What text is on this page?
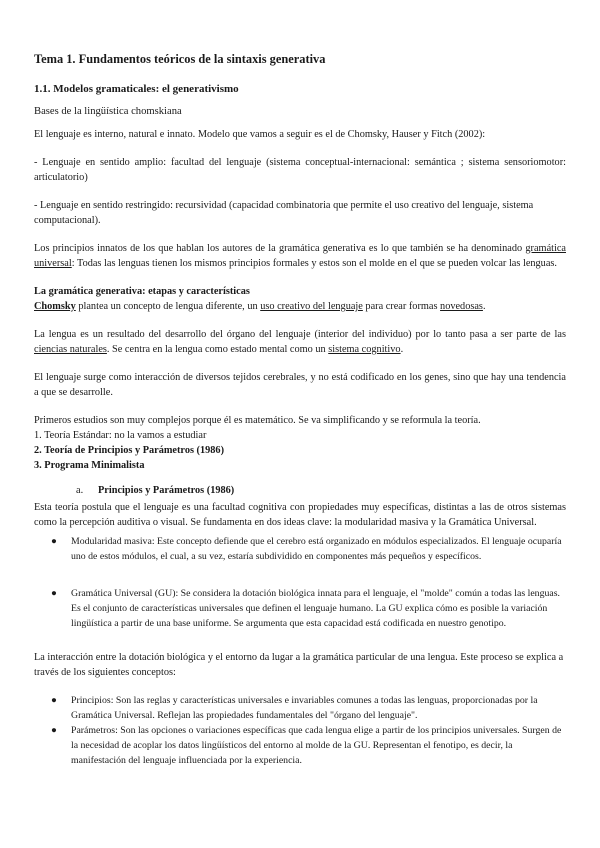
Tema 1. Fundamentos teóricos de la sintaxis generativa
1.1. Modelos gramaticales: el generativismo
Bases de la lingüística chomskiana

El lenguaje es interno, natural e innato. Modelo que vamos a seguir es el de Chomsky, Hauser y Fitch (2002):

- Lenguaje en sentido amplio: facultad del lenguaje (sistema conceptual-internacional: semántica ; sistema sensoriomotor: articulatorio)

- Lenguaje en sentido restringido: recursividad (capacidad combinatoria que permite el uso creativo del lenguaje, sistema computacional).

Los principios innatos de los que hablan los autores de la gramática generativa es lo que también se ha denominado gramática universal: Todas las lenguas tienen los mismos principios formales y estos son el molde en el que se pueden volcar las lenguas.

La gramática generativa: etapas y características

Chomsky plantea un concepto de lengua diferente, un uso creativo del lenguaje para crear formas novedosas.

La lengua es un resultado del desarrollo del órgano del lenguaje (interior del individuo) por lo tanto pasa a ser parte de las ciencias naturales. Se centra en la lengua como estado mental como un sistema cognitivo.

El lenguaje surge como interacción de diversos tejidos cerebrales, y no está codificado en los genes, sino que hay una tendencia a que se desarrolle.

Primeros estudios son muy complejos porque él es matemático. Se va simplificando y se reformula la teoría.

1. Teoría Estándar: no la vamos a estudiar

2. Teoría de Principios y Parámetros (1986)

3. Programa Minimalista

a. Principios y Parámetros (1986)

Esta teoría postula que el lenguaje es una facultad cognitiva con propiedades muy específicas, distintas a las de otros sistemas como la percepción auditiva o visual. Se fundamenta en dos ideas clave: la modularidad masiva y la Gramática Universal.

● Modularidad masiva: Este concepto defiende que el cerebro está organizado en módulos especializados. El lenguaje ocuparía uno de estos módulos, el cual, a su vez, estaría subdividido en componentes más pequeños y específicos.
● Gramática Universal (GU): Se considera la dotación biológica innata para el lenguaje, el "molde" común a todas las lenguas. Es el conjunto de características universales que definen el lenguaje humano. La GU explica cómo es posible la variación lingüística a partir de una base uniforme. Se argumenta que esta capacidad está codificada en nuestro genotipo.

La interacción entre la dotación biológica y el entorno da lugar a la gramática particular de una lengua. Este proceso se explica a través de los siguientes conceptos:

● Principios: Son las reglas y características universales e invariables comunes a todas las lenguas, proporcionadas por la Gramática Universal. Reflejan las propiedades fundamentales del "órgano del lenguaje".
● Parámetros: Son las opciones o variaciones específicas que cada lengua elige a partir de los principios universales. Surgen de la necesidad de acoplar los datos lingüísticos del entorno al molde de la GU. Representan el fenotipo, es decir, la manifestación del lenguaje influenciada por la experiencia.
